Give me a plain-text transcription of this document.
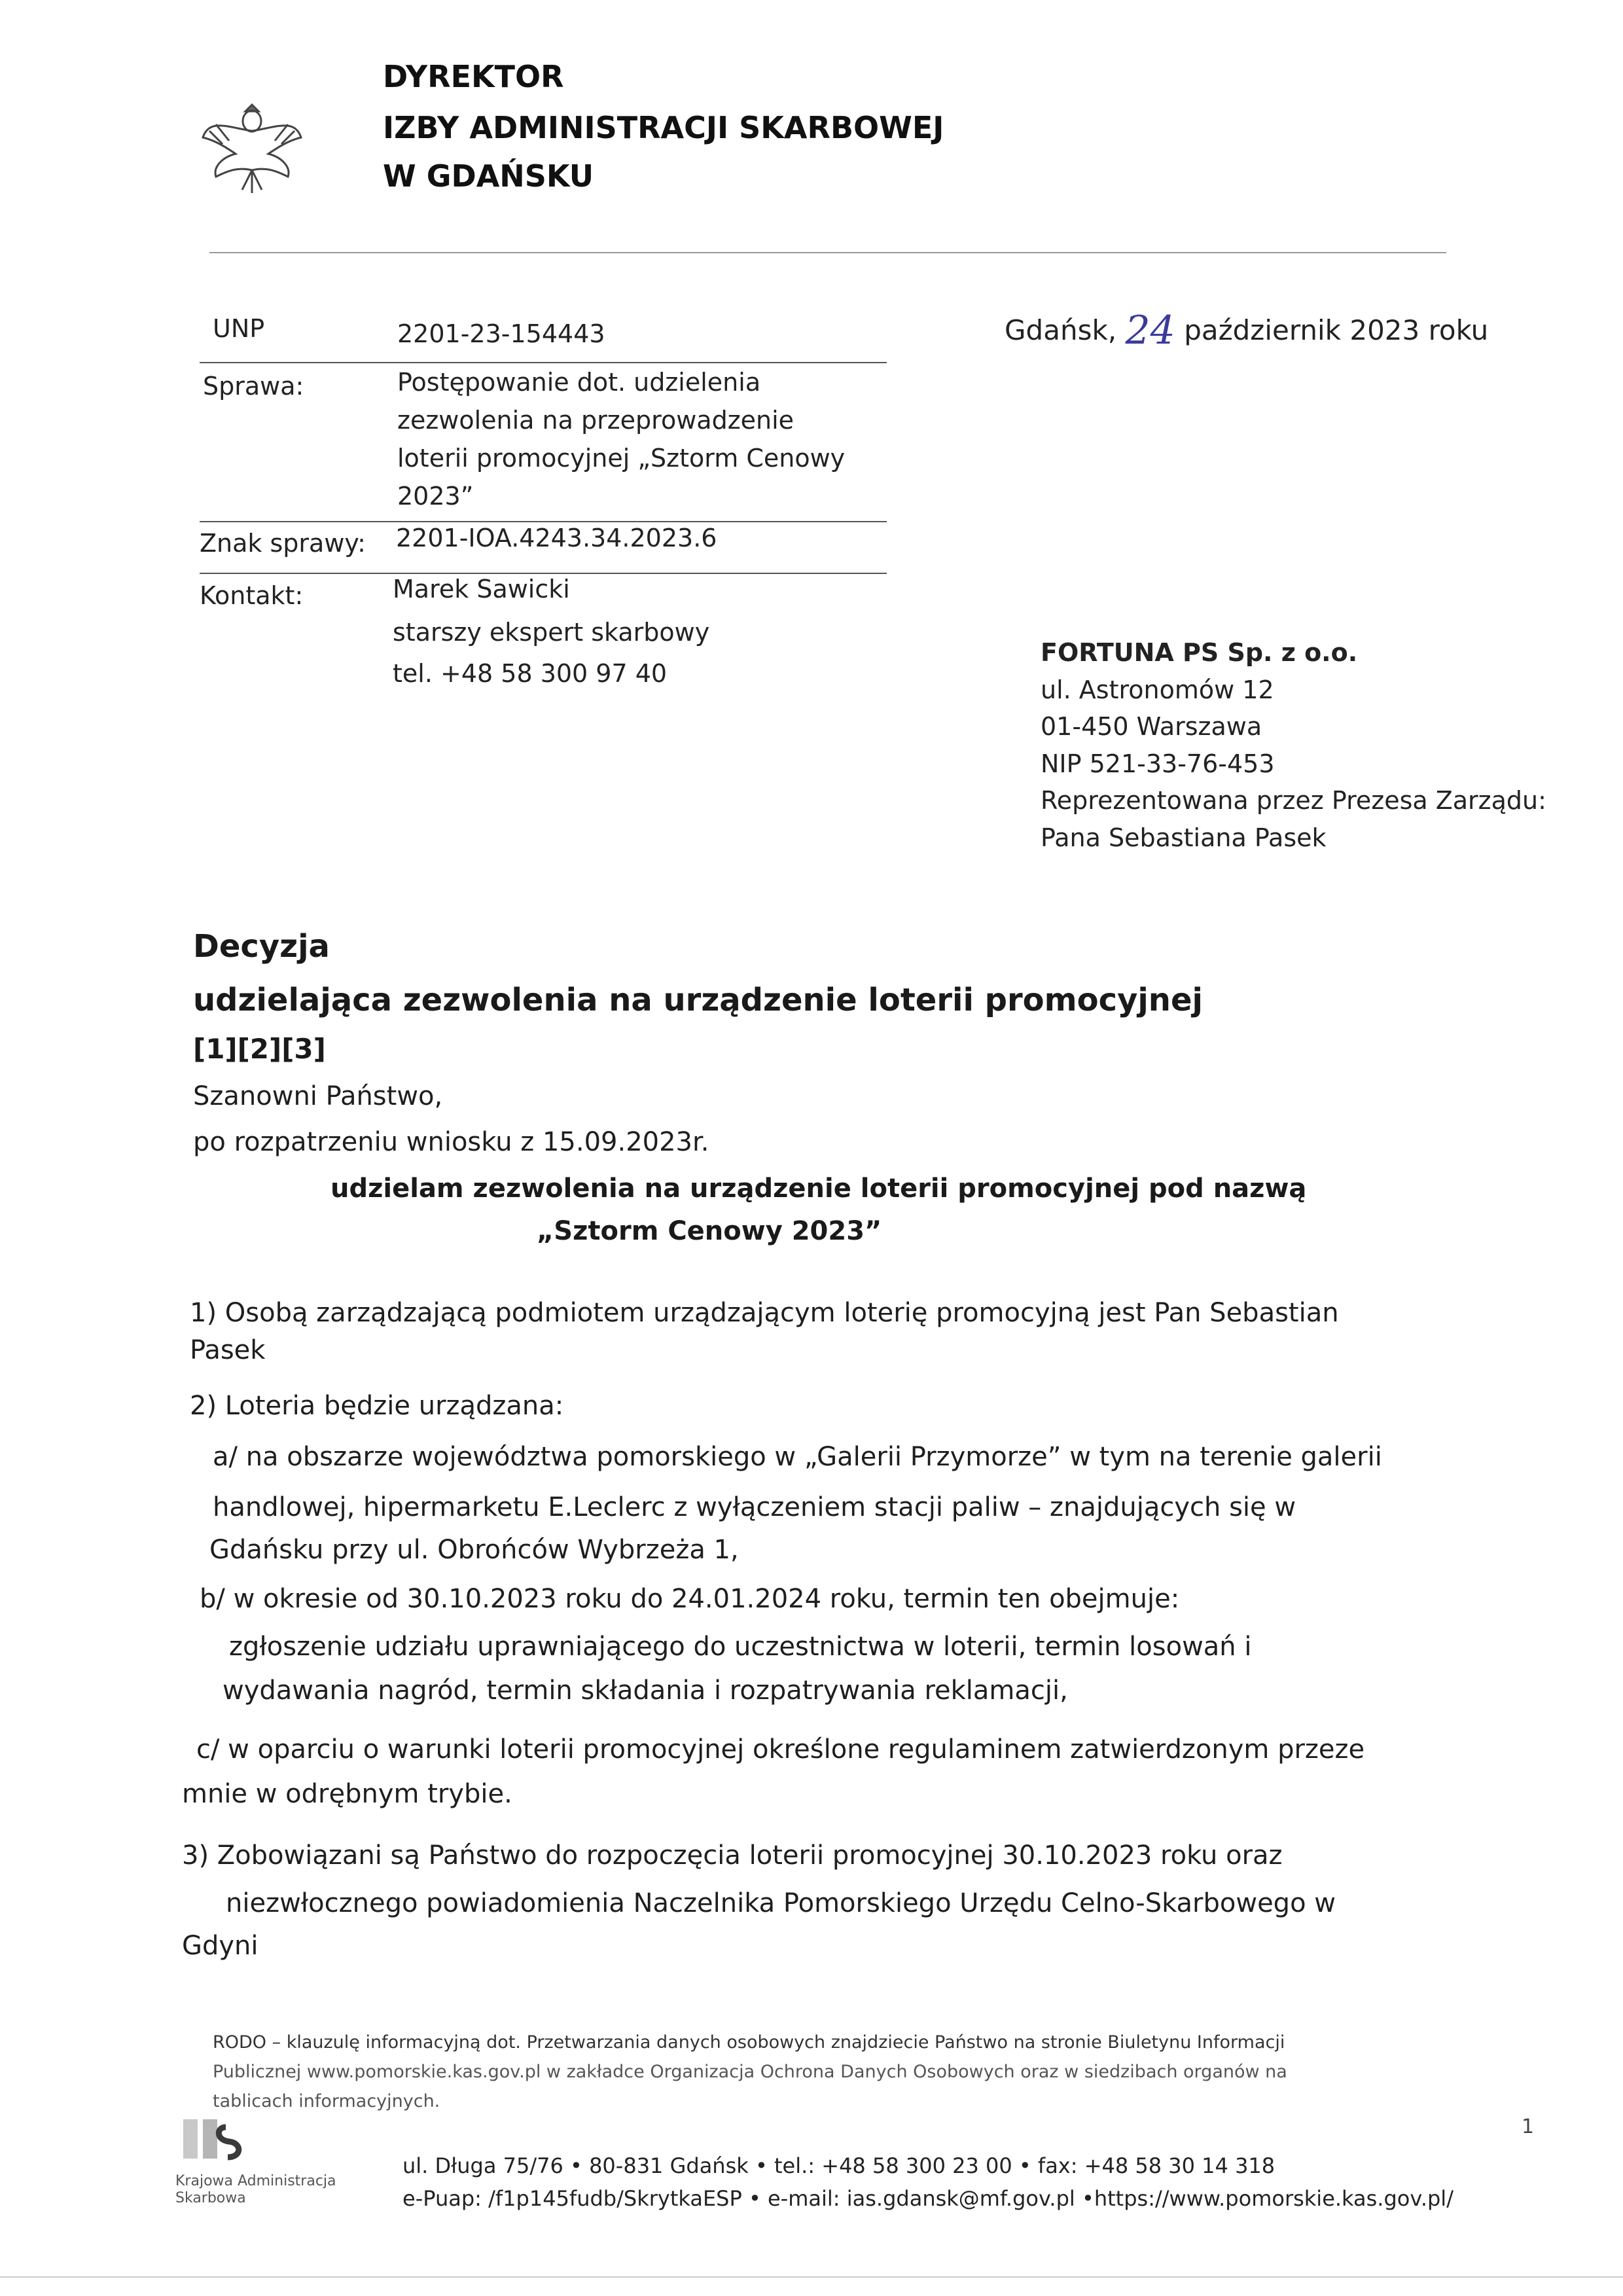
DYREKTOR
IZBY ADMINISTRACJI SKARBOWEJ
W GDAŃSKU
UNP	2201-23-154443
Sprawa:	Postępowanie dot. udzielenia
zezwolenia na przeprowadzenie
loterii promocyjnej „Sztorm Cenowy
2023”
Znak sprawy: 2201-IOA.4243.34.2023.6
Kontakt:	Marek Sawicki
starszy ekspert skarbowy
tel. +48 58 300 97 40
Gdańsk, 24 październik 2023 roku
FORTUNA PS Sp. z o.o.
ul. Astronomów 12
01-450 Warszawa
NIP 521-33-76-453
Reprezentowana przez Prezesa Zarządu:
Pana Sebastiana Pasek
Decyzja
udzielająca zezwolenia na urządzenie loterii promocyjnej
[1][2][3]
Szanowni Państwo,
po rozpatrzeniu wniosku z 15.09.2023r.
udzielam zezwolenia na urządzenie loterii promocyjnej pod nazwą
„Sztorm Cenowy 2023”
1) Osobą zarządzającą podmiotem urządzającym loterię promocyjną jest Pan Sebastian
Pasek
2) Loteria będzie urządzana:
a/ na obszarze województwa pomorskiego w „Galerii Przymorze” w tym na terenie galerii
handlowej, hipermarketu E.Leclerc z wyłączeniem stacji paliw – znajdujących się w
Gdańsku przy ul. Obrońców Wybrzeża 1,
b/ w okresie od 30.10.2023 roku do 24.01.2024 roku, termin ten obejmuje:
zgłoszenie udziału uprawniającego do uczestnictwa w loterii, termin losowań i
wydawania nagród, termin składania i rozpatrywania reklamacji,
c/ w oparciu o warunki loterii promocyjnej określone regulaminem zatwierdzonym przeze
mnie w odrębnym trybie.
3) Zobowiązani są Państwo do rozpoczęcia loterii promocyjnej 30.10.2023 roku oraz
niezwłocznego powiadomienia Naczelnika Pomorskiego Urzędu Celno-Skarbowego w
Gdyni
RODO – klauzulę informacyjną dot. Przetwarzania danych osobowych znajdziecie Państwo na stronie Biuletynu Informacji
Publicznej www.pomorskie.kas.gov.pl w zakładce Organizacja Ochrona Danych Osobowych oraz w siedzibach organów na
tablicach informacyjnych.
Krajowa Administracja
Skarbowa
ul. Długa 75/76 • 80-831 Gdańsk • tel.: +48 58 300 23 00 • fax: +48 58 30 14 318
e-Puap: /f1p145fudb/SkrytkaESP • e-mail: ias.gdansk@mf.gov.pl •https://www.pomorskie.kas.gov.pl/
1
